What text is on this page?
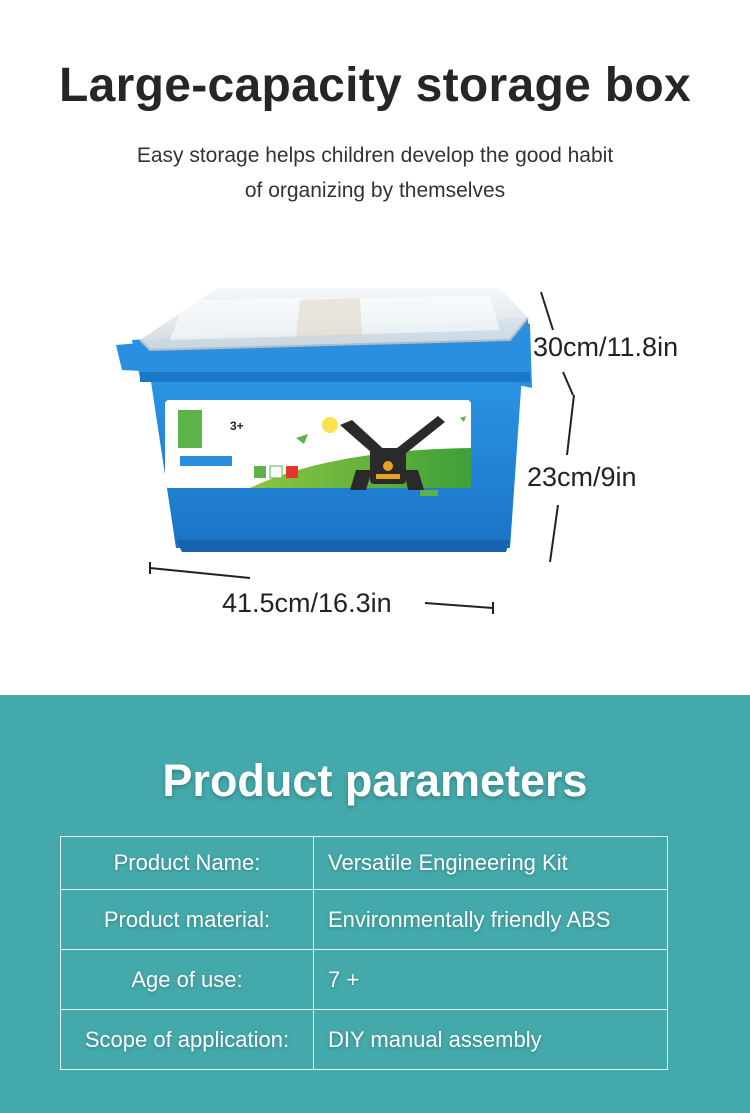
Large-capacity storage box
Easy storage helps children develop the good habit
of organizing by themselves
3+
30cm/11.8in
23cm/9in
41.5cm/16.3in
Product parameters
Product Name:	Versatile Engineering Kit
Product material:	Environmentally friendly ABS
Age of use:	7 +
Scope of application:	DIY manual assembly
